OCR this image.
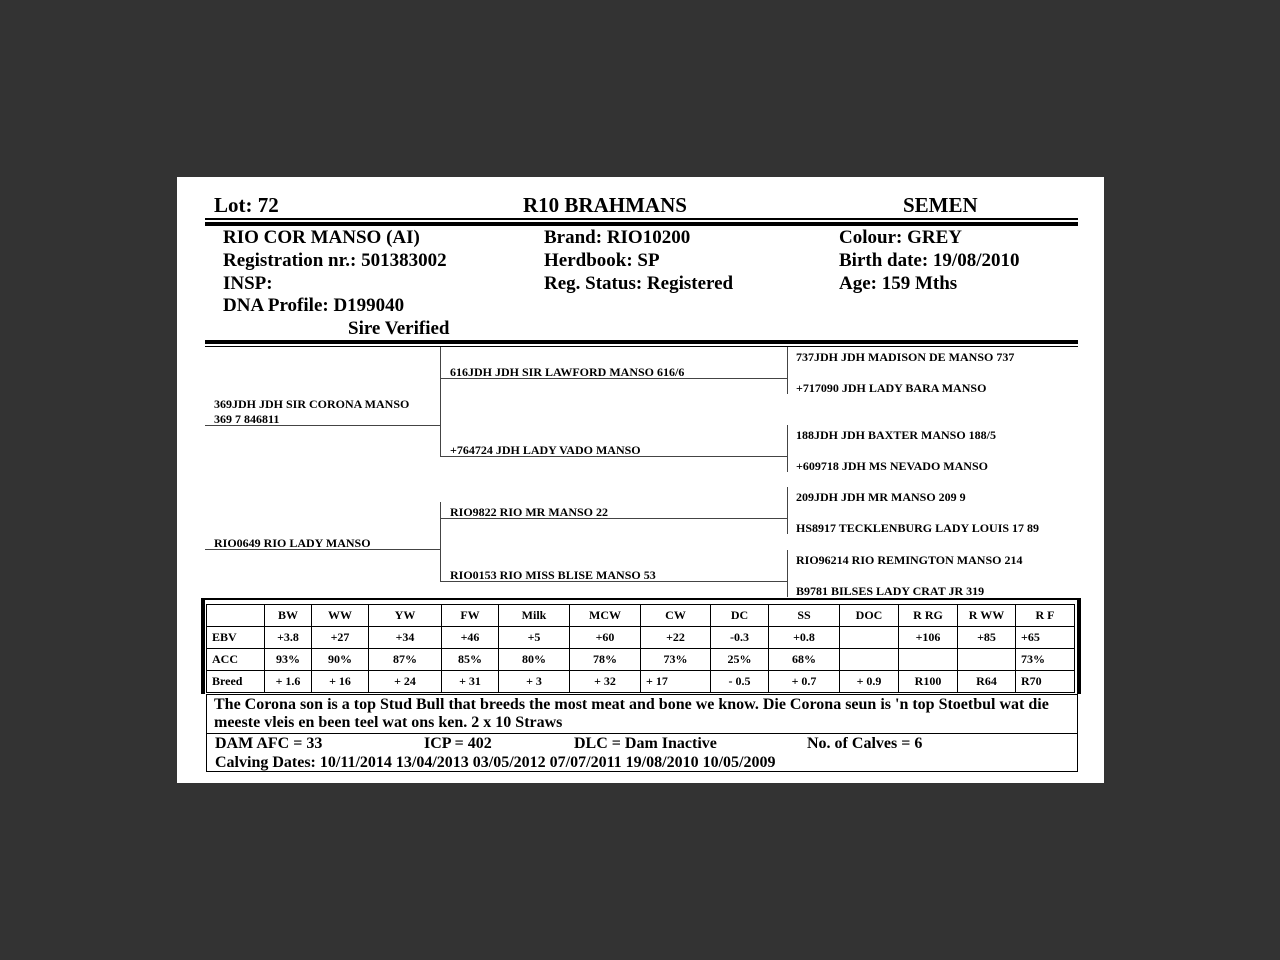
Lot: 72	R10 BRAHMANS	SEMEN
RIO COR MANSO (AI)
Registration nr.: 501383002
INSP:
DNA Profile: D199040
Sire Verified
Brand: RIO10200
Herdbook: SP
Reg. Status: Registered
Colour: GREY
Birth date: 19/08/2010
Age: 159 Mths
369JDH JDH SIR CORONA MANSO
369 7 846811
RIO0649 RIO LADY MANSO
616JDH JDH SIR LAWFORD MANSO 616/6
+764724 JDH LADY VADO MANSO
RIO9822 RIO MR MANSO 22
RIO0153 RIO MISS BLISE MANSO 53
737JDH JDH MADISON DE MANSO 737
+717090 JDH LADY BARA MANSO
188JDH JDH BAXTER MANSO 188/5
+609718 JDH MS NEVADO MANSO
209JDH JDH MR MANSO 209 9
HS8917 TECKLENBURG LADY LOUIS 17 89
RIO96214 RIO REMINGTON MANSO 214
B9781 BILSES LADY CRAT JR 319
	BW	WW	YW	FW	Milk	MCW	CW	DC	SS	DOC	R RG	R WW	R F
EBV	+3.8	+27	+34	+46	+5	+60	+22	-0.3	+0.8		+106	+85	+65
ACC	93%	90%	87%	85%	80%	78%	73%	25%	68%				73%
Breed	+ 1.6	+ 16	+ 24	+ 31	+ 3	+ 32	+ 17	- 0.5	+ 0.7	+ 0.9	R100	R64	R70
The Corona son is a top Stud Bull that breeds the most meat and bone we know. Die Corona seun is 'n top Stoetbul wat die meeste vleis en been teel wat ons ken. 2 x 10 Straws
DAM AFC = 33	ICP = 402	DLC = Dam Inactive	No. of Calves = 6
Calving Dates: 10/11/2014 13/04/2013 03/05/2012 07/07/2011 19/08/2010 10/05/2009
